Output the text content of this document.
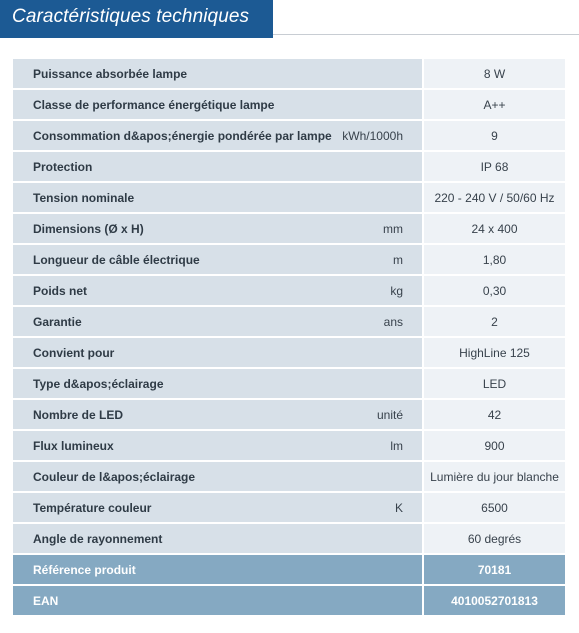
Caractéristiques techniques
Puissance absorbée lampe	8 W
Classe de performance énergétique lampe	A++
Consommation d&apos;énergie pondérée par lampe kWh/1000h	9
Protection	IP 68
Tension nominale	220 - 240 V / 50/60 Hz
Dimensions (Ø x H)	mm	24 x 400
Longueur de câble électrique	m	1,80
Poids net	kg	0,30
Garantie	ans	2
Convient pour	HighLine 125
Type d&apos;éclairage	LED
Nombre de LED	unité	42
Flux lumineux	lm	900
Couleur de l&apos;éclairage	Lumière du jour blanche
Température couleur	K	6500
Angle de rayonnement	60 degrés
Référence produit	70181
EAN	4010052701813
